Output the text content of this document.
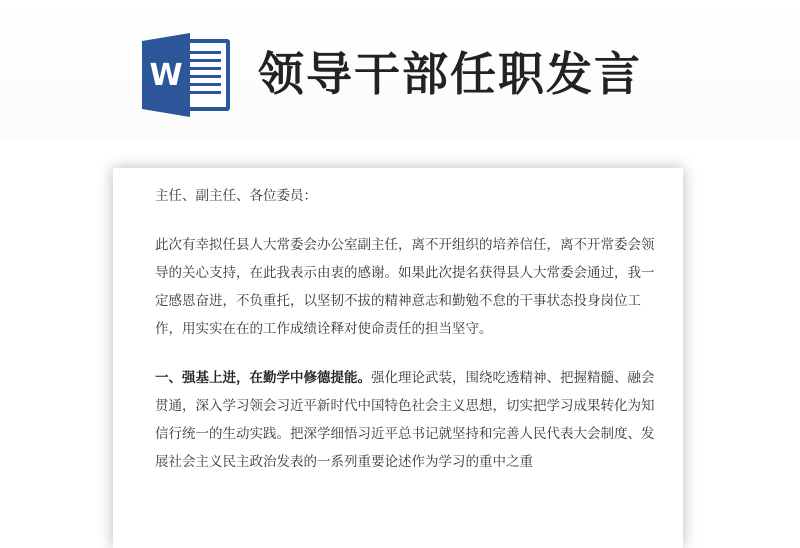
W 领导干部任职发言

主任、副主任、各位委员：

此次有幸拟任县人大常委会办公室副主任，离不开组织的培养信任，离不开常委会领导的关心支持，在此我表示由衷的感谢。如果此次提名获得县人大常委会通过，我一定感恩奋进，不负重托，以坚韧不拔的精神意志和勤勉不怠的干事状态投身岗位工作，用实实在在的工作成绩诠释对使命责任的担当坚守。

一、强基上进，在勤学中修德提能。强化理论武装，围绕吃透精神、把握精髓、融会贯通，深入学习领会习近平新时代中国特色社会主义思想，切实把学习成果转化为知信行统一的生动实践。把深学细悟习近平总书记就坚持和完善人民代表大会制度、发展社会主义民主政治发表的一系列重要论述作为学习的重中之重
